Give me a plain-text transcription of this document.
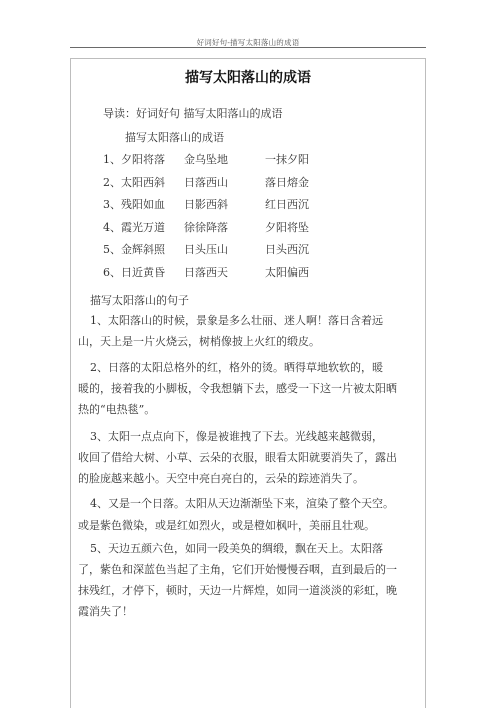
好词好句-描写太阳落山的成语
描写太阳落山的成语
导读：好词好句 描写太阳落山的成语
描写太阳落山的成语
1、夕阳将落	金乌坠地	一抹夕阳
2、太阳西斜	日落西山	落日熔金
3、残阳如血	日影西斜	红日西沉
4、霞光万道	徐徐降落	夕阳将坠
5、金辉斜照	日头压山	日头西沉
6、日近黄昏	日落西天	太阳偏西
描写太阳落山的句子
1、太阳落山的时候，景象是多么壮丽、迷人啊！落日含着远
山，天上是一片火烧云，树梢像披上火红的缎皮。
2、日落的太阳总格外的红，格外的烫。晒得草地软软的，暖
暖的，接着我的小脚板，令我想躺下去，感受一下这一片被太阳晒
热的“电热毯”。
3、太阳一点点向下，像是被谁拽了下去。光线越来越微弱，
收回了借给大树、小草、云朵的衣服，眼看太阳就要消失了，露出
的脸庞越来越小。天空中亮白亮白的，云朵的踪迹消失了。
4、又是一个日落。太阳从天边渐渐坠下来，渲染了整个天空。
或是紫色微染，或是红如烈火，或是橙如枫叶，美丽且壮观。
5、天边五颜六色，如同一段美奂的绸缎，飘在天上。太阳落
了，紫色和深蓝色当起了主角，它们开始慢慢吞咽，直到最后的一
抹残红，才停下，顿时，天边一片辉煌，如同一道淡淡的彩虹，晚
霞消失了！
